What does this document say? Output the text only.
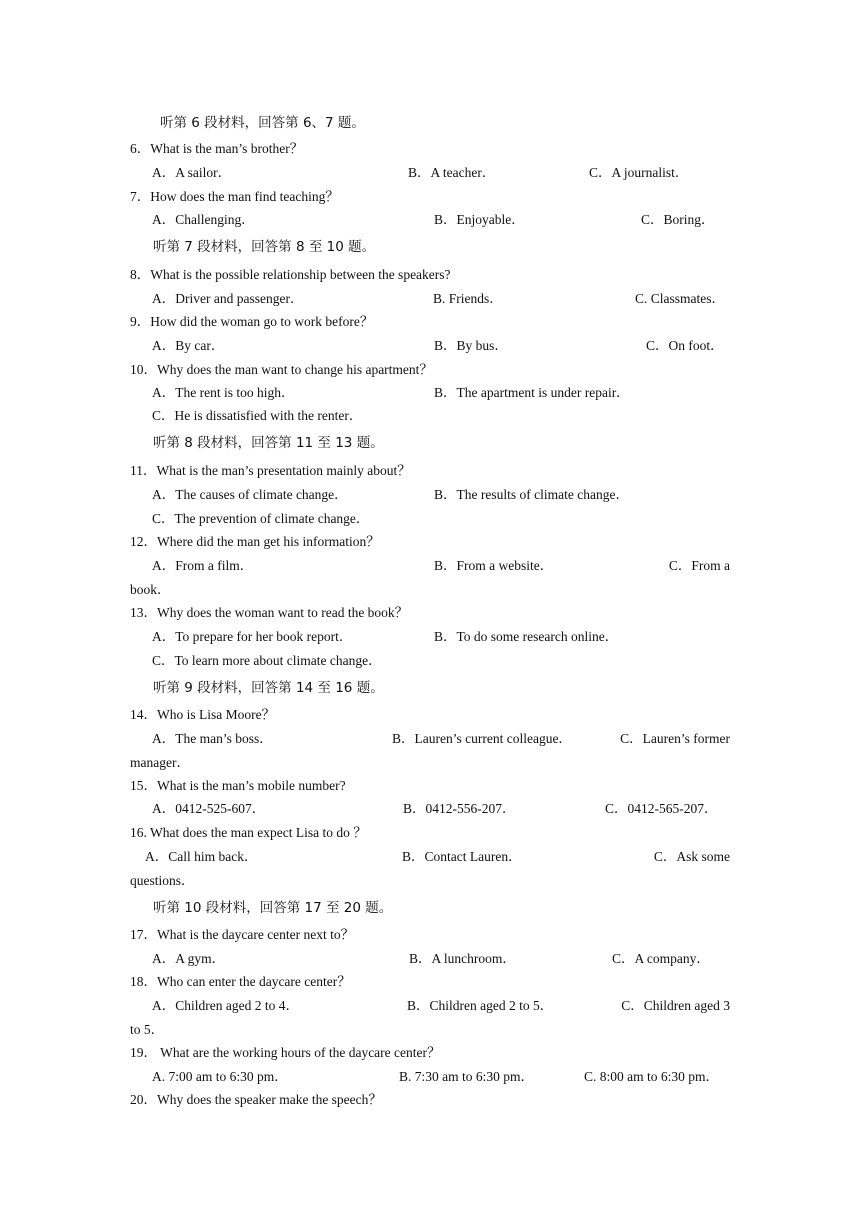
听第 6 段材料，回答第 6、7 题。
6．What is the man’s brother？
A．A sailor．	B．A teacher．	C．A journalist．
7．How does the man find teaching？
A．Challenging．	B．Enjoyable．	C．Boring．
听第 7 段材料，回答第 8 至 10 题。
8．What is the possible relationship between the speakers?
A．Driver and passenger．	B. Friends．	C. Classmates．
9．How did the woman go to work before？
A．By car．	B．By bus．	C．On foot．
10．Why does the man want to change his apartment？
A．The rent is too high．	B．The apartment is under repair．
C．He is dissatisfied with the renter．
听第 8 段材料，回答第 11 至 13 题。
11．What is the man’s presentation mainly about？
A．The causes of climate change．	B．The results of climate change．
C．The prevention of climate change．
12．Where did the man get his information？
A．From a film．	B．From a website．	C．From a
book．
13．Why does the woman want to read the book？
A．To prepare for her book report．	B．To do some research online．
C．To learn more about climate change．
听第 9 段材料，回答第 14 至 16 题。
14．Who is Lisa Moore？
A．The man’s boss．	B．Lauren’s current colleague．	C．Lauren’s former
manager．
15．What is the man’s mobile number?
A．0412-525-607．	B．0412-556-207．	C．0412-565-207．
16. What does the man expect Lisa to do ？
A．Call him back．	B．Contact Lauren．	C．Ask some
questions．
听第 10 段材料，回答第 17 至 20 题。
17．What is the daycare center next to？
A．A gym．	B．A lunchroom．	C．A company．
18．Who can enter the daycare center？
A．Children aged 2 to 4．	B．Children aged 2 to 5．	C．Children aged 3
to 5．
19． What are the working hours of the daycare center？
A. 7:00 am to 6:30 pm．	B. 7:30 am to 6:30 pm．	C. 8:00 am to 6:30 pm．
20．Why does the speaker make the speech？
